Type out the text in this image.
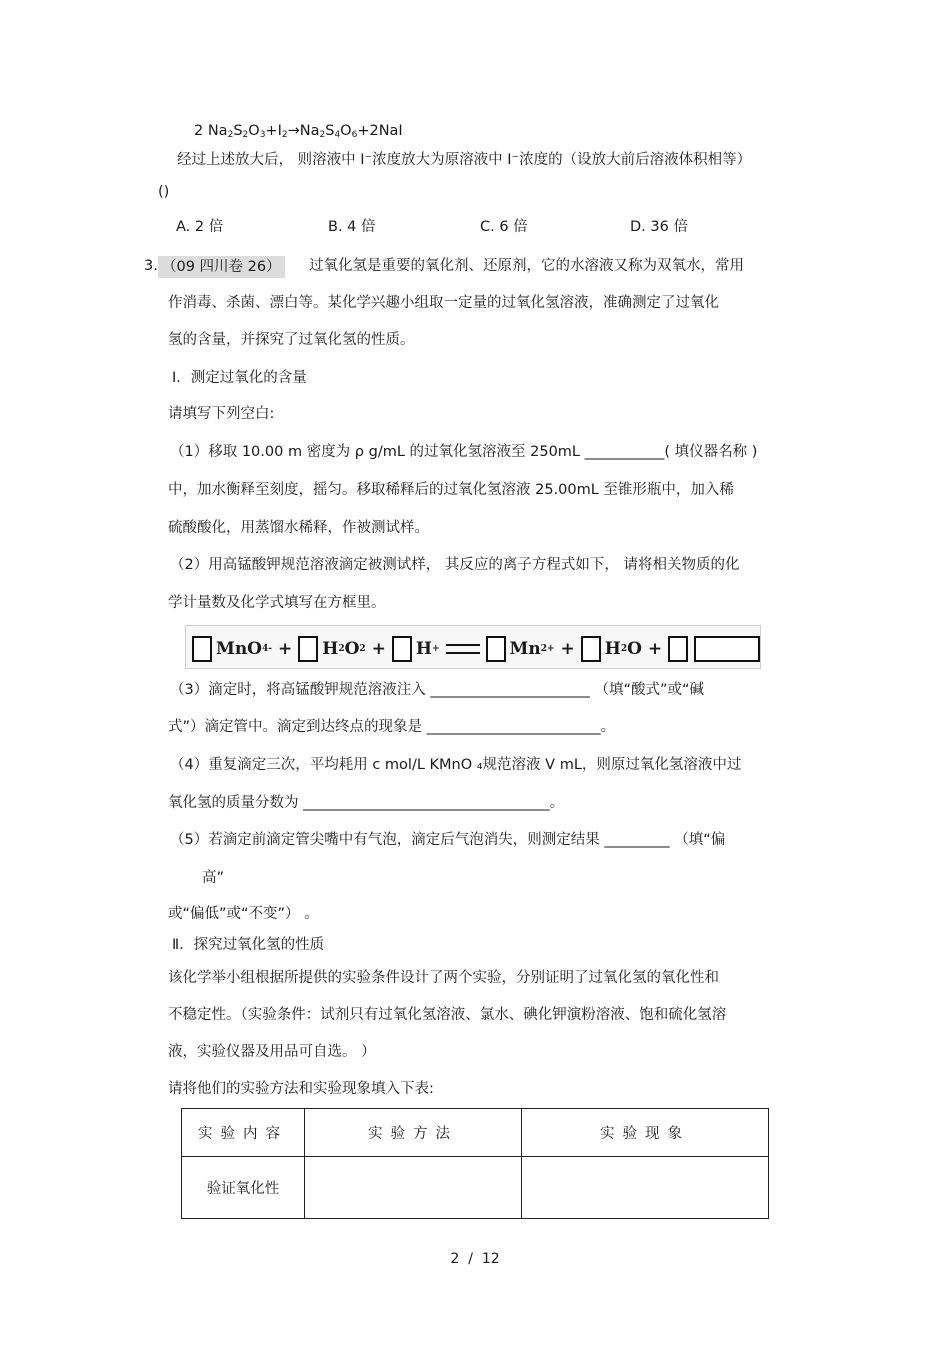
2 $Na_2S_2O_3+I_2\to Na_2S_4O_6+2NaI$
经过上述放大后， 则溶液中 I⁻浓度放大为原溶液中 I⁻浓度的（设放大前后溶液体积相等）
()
A. 2 倍	B. 4 倍	C. 6 倍	D. 36 倍
3. （09 四川卷 26） 过氧化氢是重要的氧化剂、还原剂，它的水溶液又称为双氧水，常用
作消毒、杀菌、漂白等。某化学兴趣小组取一定量的过氧化氢溶液，准确测定了过氧化
氢的含量，并探究了过氧化氢的性质。
Ⅰ．测定过氧化的含量
请填写下列空白:
（1）移取 10.00 m 密度为 ρ g/mL 的过氧化氢溶液至 250mL ___________( 填仪器名称 )
中，加水衡释至刻度，摇匀。移取稀释后的过氧化氢溶液 25.00mL 至锥形瓶中，加入稀
硫酸酸化，用蒸馏水稀释，作被测试样。
（2）用高锰酸钾规范溶液滴定被测试样， 其反应的离子方程式如下， 请将相关物质的化
学计量数及化学式填写在方框里。
MnO 4 - + H 2 O 2 + H +	Mn 2+ + H 2 O +
（3）滴定时，将高锰酸钾规范溶液注入 ______________________ （填“酸式”或“碱
式”）滴定管中。滴定到达终点的现象是 ________________________。
（4）重复滴定三次，平均耗用 c mol/L KMnO ₄规范溶液 V mL，则原过氧化氢溶液中过
氧化氢的质量分数为 __________________________________。
（5）若滴定前滴定管尖嘴中有气泡，滴定后气泡消失，则测定结果 _________ （填“偏
高”
或“偏低”或“不变”） 。
Ⅱ．探究过氧化氢的性质
该化学举小组根据所提供的实验条件设计了两个实验，分别证明了过氧化氢的氧化性和
不稳定性。（实验条件：试剂只有过氧化氢溶液、氯水、碘化钾演粉溶液、饱和硫化氢溶
液，实验仪器及用品可自选。 ）
请将他们的实验方法和实验现象填入下表:
实验内容	实验方法	实验现象
验证氧化性		
2 / 12
